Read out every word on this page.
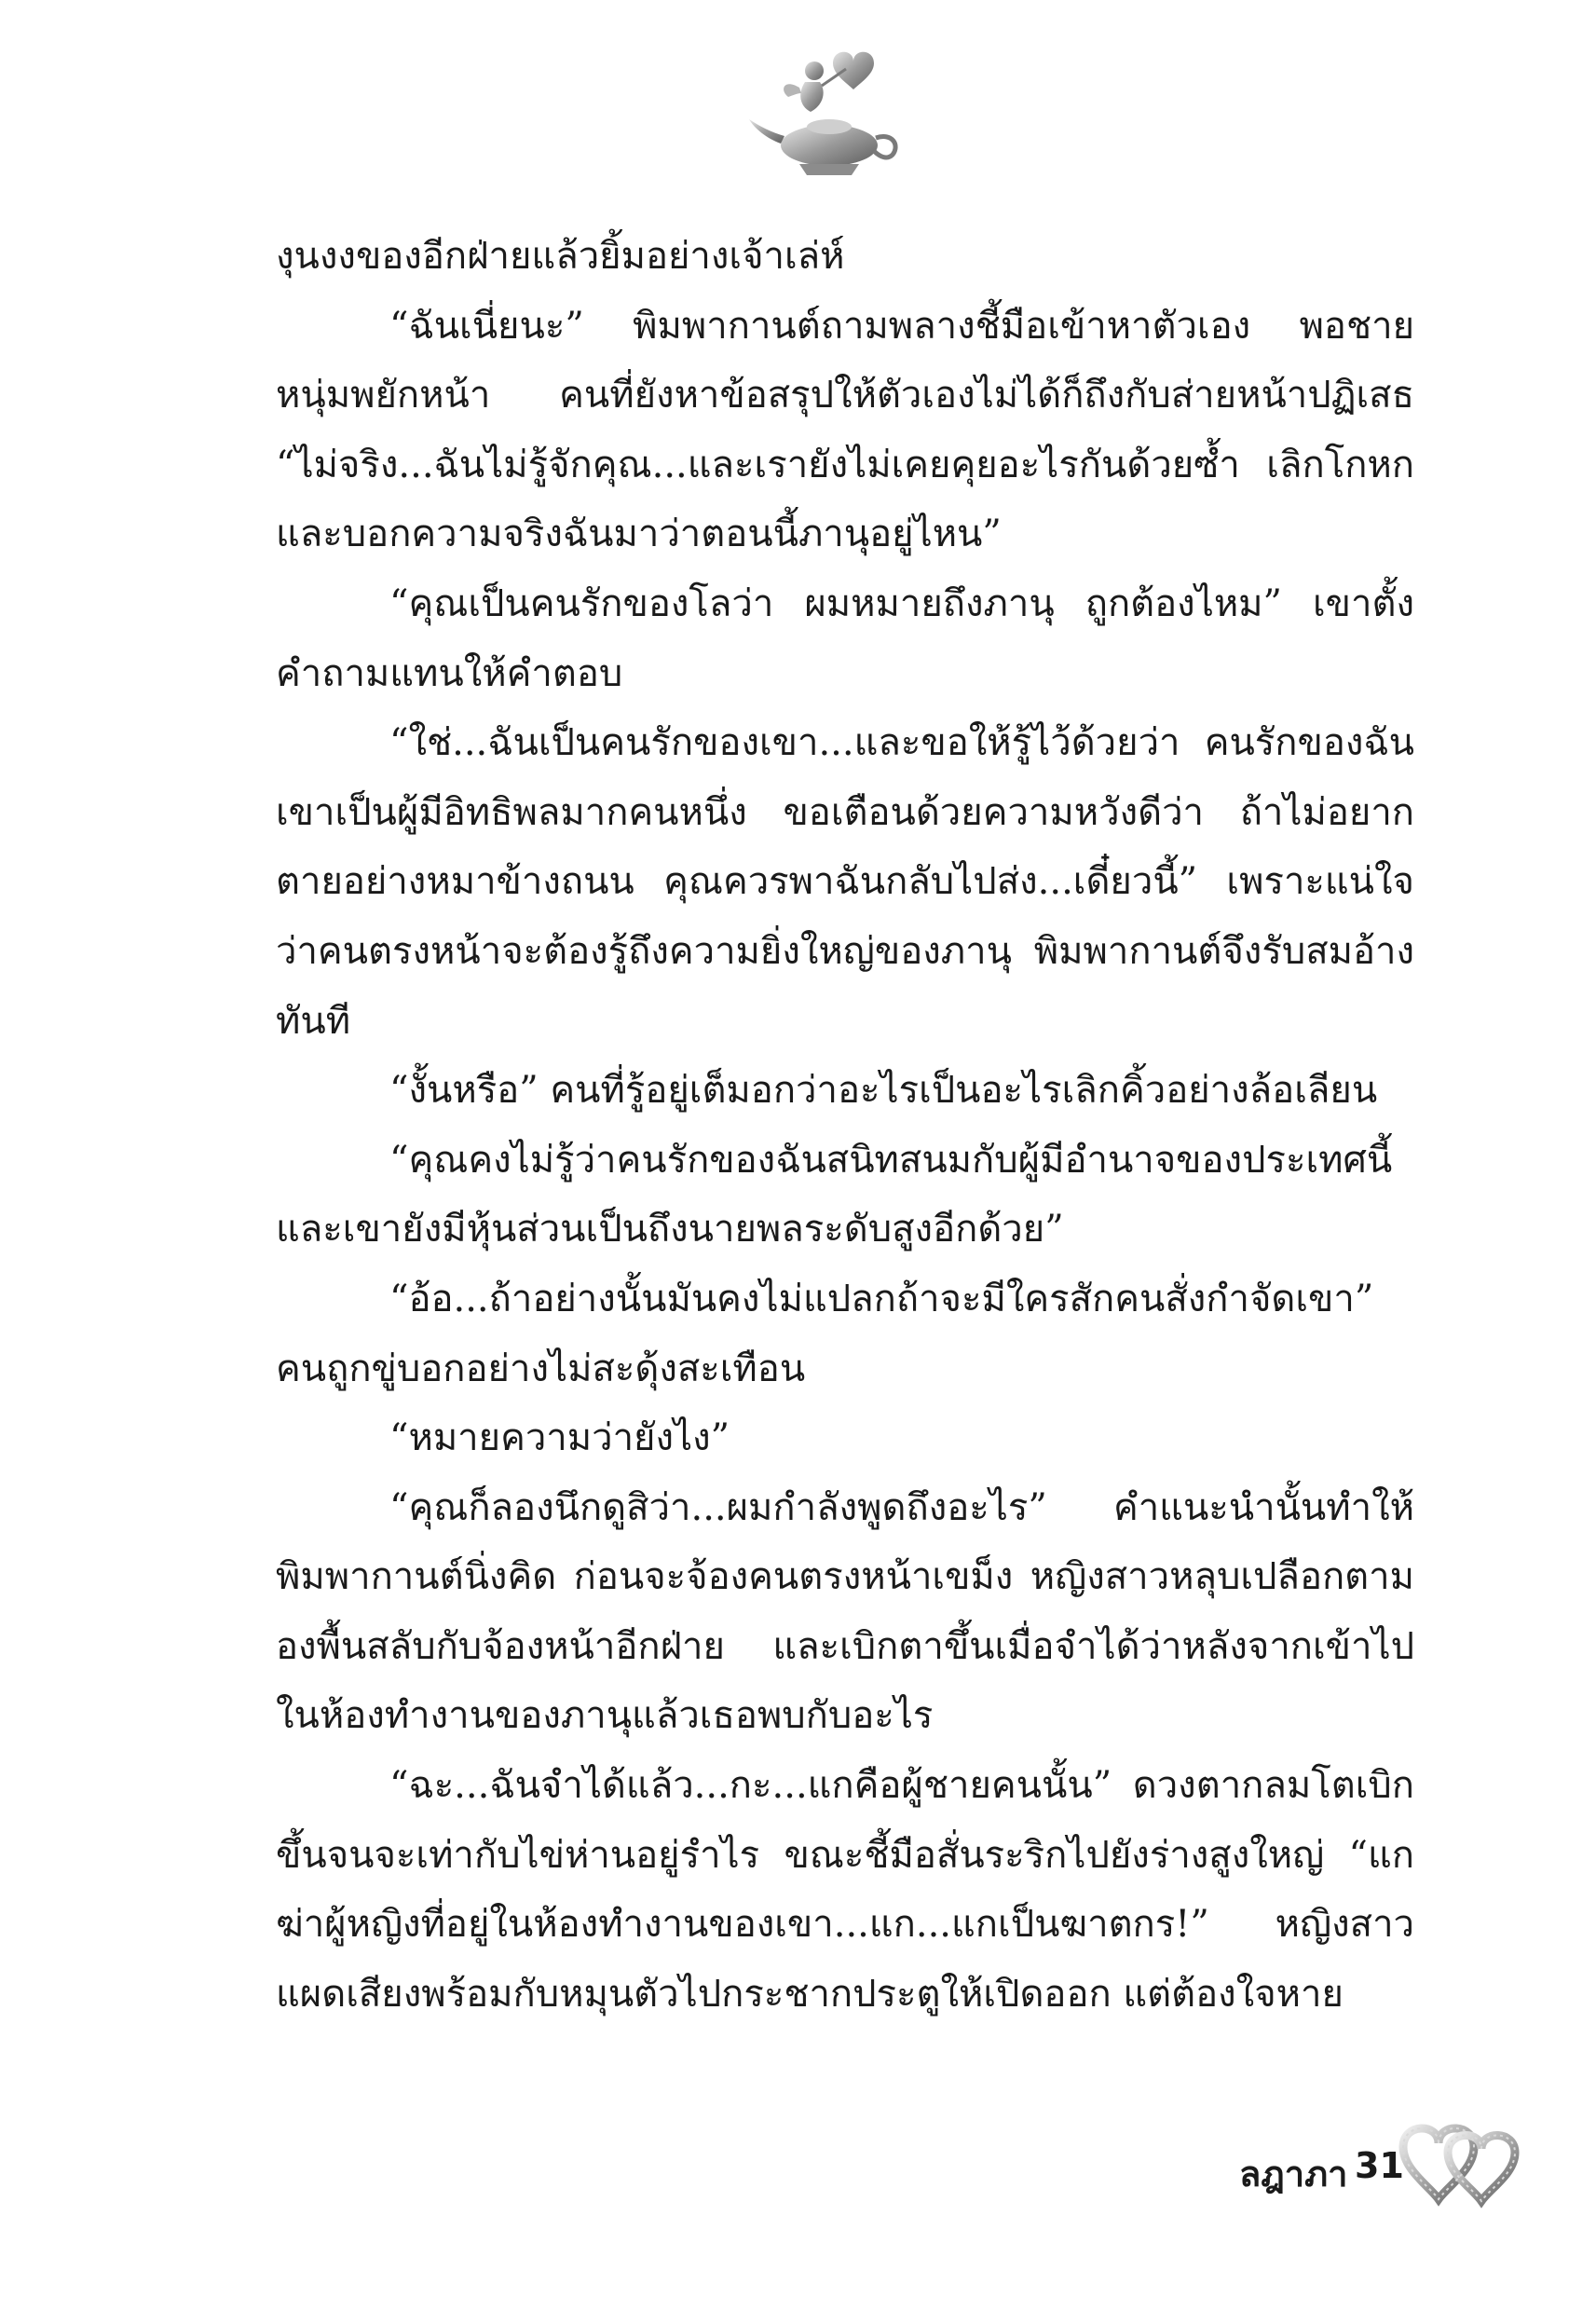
งุนงงของอีกฝ่ายแล้วยิ้มอย่างเจ้าเล่ห์

“ฉันเนี่ยนะ” พิมพากานต์ถามพลางชี้มือเข้าหาตัวเอง พอชายหนุ่มพยักหน้า คนที่ยังหาข้อสรุปให้ตัวเองไม่ได้ก็ถึงกับส่ายหน้าปฏิเสธ “ไม่จริง...ฉันไม่รู้จักคุณ...และเรายังไม่เคยคุยอะไรกันด้วยซ้ำ เลิกโกหกและบอกความจริงฉันมาว่าตอนนี้ภานุอยู่ไหน”

“คุณเป็นคนรักของโลว่า ผมหมายถึงภานุ ถูกต้องไหม” เขาตั้งคำถามแทนให้คำตอบ

“ใช่...ฉันเป็นคนรักของเขา...และขอให้รู้ไว้ด้วยว่า คนรักของฉันเขาเป็นผู้มีอิทธิพลมากคนหนึ่ง ขอเตือนด้วยความหวังดีว่า ถ้าไม่อยากตายอย่างหมาข้างถนน คุณควรพาฉันกลับไปส่ง...เดี๋ยวนี้” เพราะแน่ใจว่าคนตรงหน้าจะต้องรู้ถึงความยิ่งใหญ่ของภานุ พิมพากานต์จึงรับสมอ้างทันที

“งั้นหรือ” คนที่รู้อยู่เต็มอกว่าอะไรเป็นอะไรเลิกคิ้วอย่างล้อเลียน

“คุณคงไม่รู้ว่าคนรักของฉันสนิทสนมกับผู้มีอำนาจของประเทศนี้และเขายังมีหุ้นส่วนเป็นถึงนายพลระดับสูงอีกด้วย”

“อ้อ...ถ้าอย่างนั้นมันคงไม่แปลกถ้าจะมีใครสักคนสั่งกำจัดเขา” คนถูกขู่บอกอย่างไม่สะดุ้งสะเทือน

“หมายความว่ายังไง”

“คุณก็ลองนึกดูสิว่า...ผมกำลังพูดถึงอะไร” คำแนะนำนั้นทำให้พิมพากานต์นิ่งคิด ก่อนจะจ้องคนตรงหน้าเขม็ง หญิงสาวหลุบเปลือกตามองพื้นสลับกับจ้องหน้าอีกฝ่าย และเบิกตาขึ้นเมื่อจำได้ว่าหลังจากเข้าไปในห้องทำงานของภานุแล้วเธอพบกับอะไร

“ฉะ...ฉันจำได้แล้ว...กะ...แกคือผู้ชายคนนั้น” ดวงตากลมโตเบิกขึ้นจนจะเท่ากับไข่ห่านอยู่รำไร ขณะชี้มือสั่นระริกไปยังร่างสูงใหญ่ “แกฆ่าผู้หญิงที่อยู่ในห้องทำงานของเขา...แก...แกเป็นฆาตกร!” หญิงสาวแผดเสียงพร้อมกับหมุนตัวไปกระชากประตูให้เปิดออก แต่ต้องใจหาย

ลฎาภา 31
